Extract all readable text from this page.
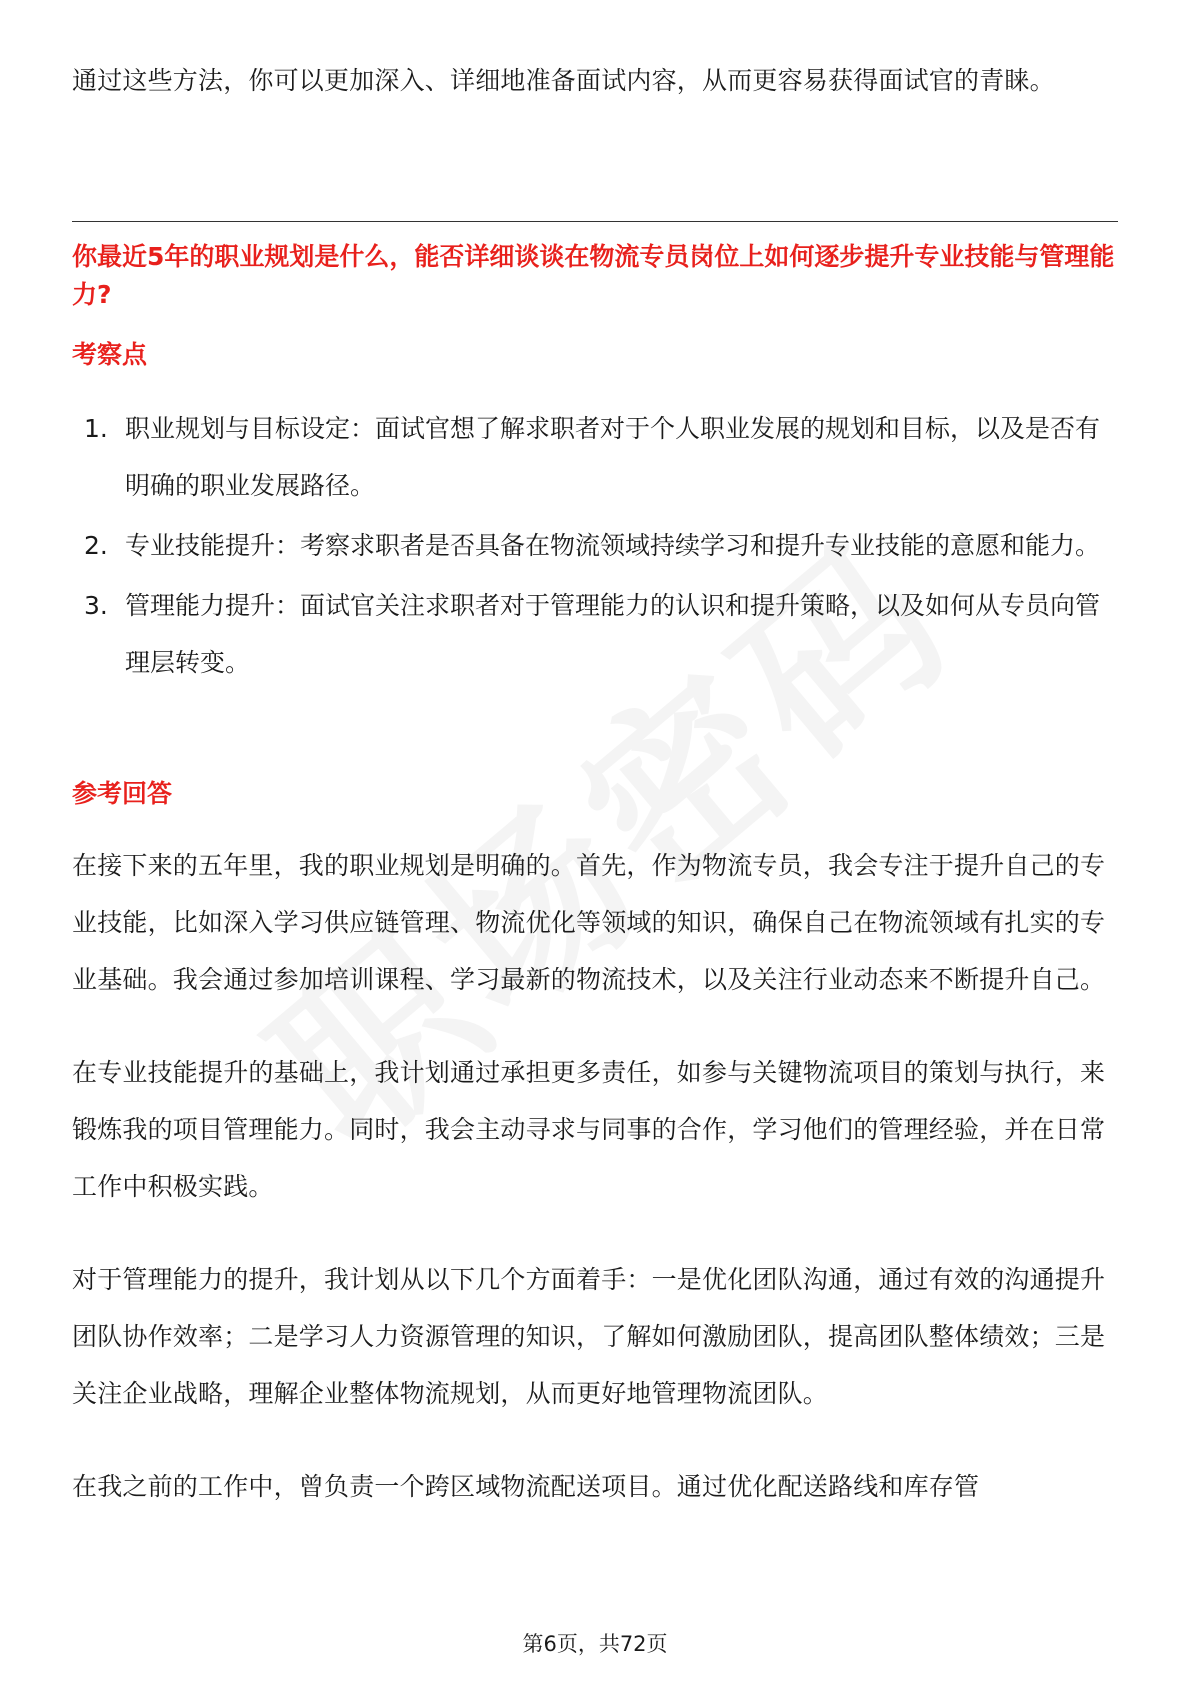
通过这些方法，你可以更加深入、详细地准备面试内容，从而更容易获得面试官的青睐。

你最近5年的职业规划是什么，能否详细谈谈在物流专员岗位上如何逐步提升专业技能与管理能力?
考察点
1. 职业规划与目标设定：面试官想了解求职者对于个人职业发展的规划和目标，以及是否有明确的职业发展路径。
2. 专业技能提升：考察求职者是否具备在物流领域持续学习和提升专业技能的意愿和能力。
3. 管理能力提升：面试官关注求职者对于管理能力的认识和提升策略，以及如何从专员向管理层转变。
参考回答

在接下来的五年里，我的职业规划是明确的。首先，作为物流专员，我会专注于提升自己的专业技能，比如深入学习供应链管理、物流优化等领域的知识，确保自己在物流领域有扎实的专业基础。我会通过参加培训课程、学习最新的物流技术，以及关注行业动态来不断提升自己。

在专业技能提升的基础上，我计划通过承担更多责任，如参与关键物流项目的策划与执行，来锻炼我的项目管理能力。同时，我会主动寻求与同事的合作，学习他们的管理经验，并在日常工作中积极实践。

对于管理能力的提升，我计划从以下几个方面着手：一是优化团队沟通，通过有效的沟通提升团队协作效率；二是学习人力资源管理的知识，了解如何激励团队，提高团队整体绩效；三是关注企业战略，理解企业整体物流规划，从而更好地管理物流团队。

在我之前的工作中，曾负责一个跨区域物流配送项目。通过优化配送路线和库存管

第6页，共72页
